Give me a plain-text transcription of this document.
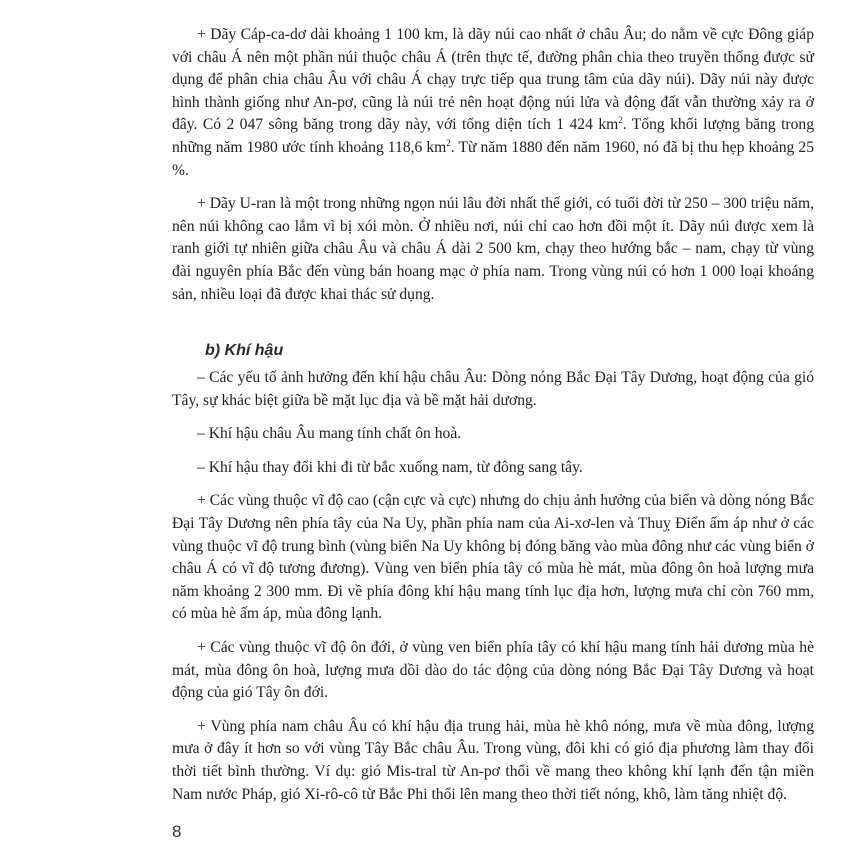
+ Dãy Cáp-ca-dơ dài khoảng 1 100 km, là dãy núi cao nhất ở châu Âu; do nằm về cực Đông giáp với châu Á nên một phần núi thuộc châu Á (trên thực tế, đường phân chia theo truyền thống được sử dụng để phân chia châu Âu với châu Á chạy trực tiếp qua trung tâm của dãy núi). Dãy núi này được hình thành giống như An-pơ, cũng là núi trẻ nên hoạt động núi lửa và động đất vẫn thường xảy ra ở đây. Có 2 047 sông băng trong dãy này, với tổng diện tích 1 424 $km^2$. Tổng khối lượng băng trong những năm 1980 ước tính khoảng 118,6 $km^2$. Từ năm 1880 đến năm 1960, nó đã bị thu hẹp khoảng 25 %.

+ Dãy U-ran là một trong những ngọn núi lâu đời nhất thế giới, có tuổi đời từ 250 – 300 triệu năm, nên núi không cao lắm vì bị xói mòn. Ở nhiều nơi, núi chỉ cao hơn đồi một ít. Dãy núi được xem là ranh giới tự nhiên giữa châu Âu và châu Á dài 2 500 km, chạy theo hướng bắc – nam, chạy từ vùng đài nguyên phía Bắc đến vùng bán hoang mạc ở phía nam. Trong vùng núi có hơn 1 000 loại khoáng sản, nhiều loại đã được khai thác sử dụng.

b) Khí hậu

– Các yếu tố ảnh hưởng đến khí hậu châu Âu: Dòng nóng Bắc Đại Tây Dương, hoạt động của gió Tây, sự khác biệt giữa bề mặt lục địa và bề mặt hải dương.

– Khí hậu châu Âu mang tính chất ôn hoà.

– Khí hậu thay đổi khi đi từ bắc xuống nam, từ đông sang tây.

+ Các vùng thuộc vĩ độ cao (cận cực và cực) nhưng do chịu ảnh hưởng của biển và dòng nóng Bắc Đại Tây Dương nên phía tây của Na Uy, phần phía nam của Ai-xơ-len và Thuỵ Điển ấm áp như ở các vùng thuộc vĩ độ trung bình (vùng biển Na Uy không bị đóng băng vào mùa đông như các vùng biển ở châu Á có vĩ độ tương đương). Vùng ven biển phía tây có mùa hè mát, mùa đông ôn hoà lượng mưa năm khoảng 2 300 mm. Đi về phía đông khí hậu mang tính lục địa hơn, lượng mưa chỉ còn 760 mm, có mùa hè ấm áp, mùa đông lạnh.

+ Các vùng thuộc vĩ độ ôn đới, ở vùng ven biển phía tây có khí hậu mang tính hải dương mùa hè mát, mùa đông ôn hoà, lượng mưa dồi dào do tác động của dòng nóng Bắc Đại Tây Dương và hoạt động của gió Tây ôn đới.

+ Vùng phía nam châu Âu có khí hậu địa trung hải, mùa hè khô nóng, mưa về mùa đông, lượng mưa ở đây ít hơn so với vùng Tây Bắc châu Âu. Trong vùng, đôi khi có gió địa phương làm thay đổi thời tiết bình thường. Ví dụ: gió Mis-tral từ An-pơ thổi về mang theo không khí lạnh đến tận miền Nam nước Pháp, gió Xi-rô-cô từ Bắc Phi thổi lên mang theo thời tiết nóng, khô, làm tăng nhiệt độ.

8
